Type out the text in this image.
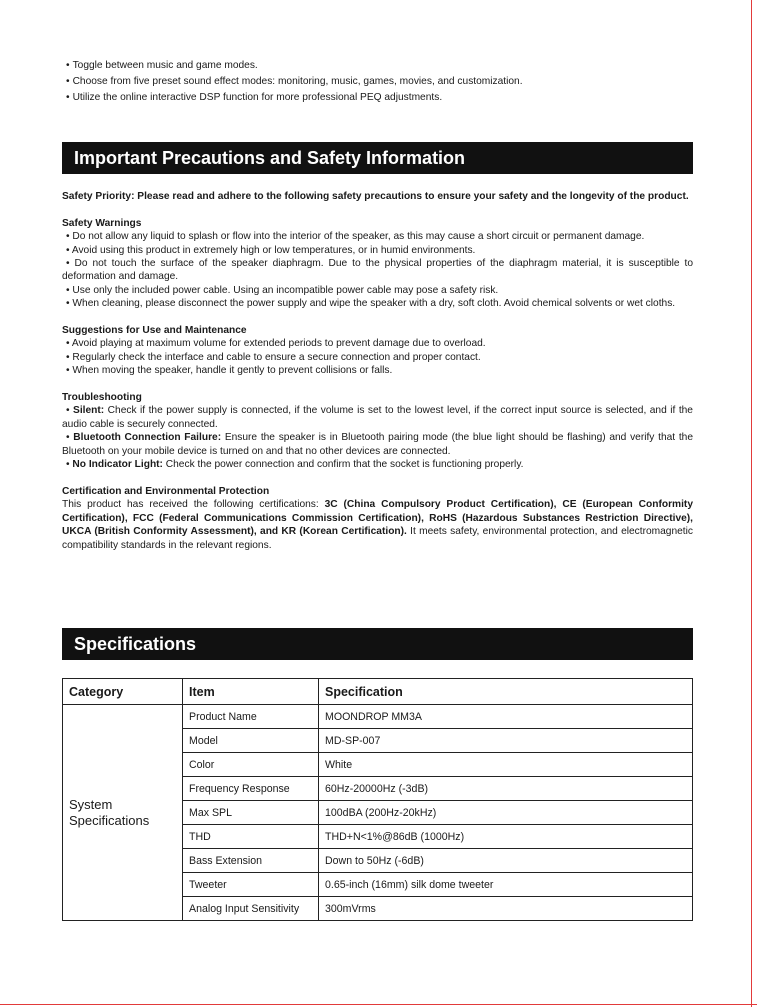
• Toggle between music and game modes.
• Choose from five preset sound effect modes: monitoring, music, games, movies, and customization.
• Utilize the online interactive DSP function for more professional PEQ adjustments.
Important Precautions and Safety Information

Safety Priority: Please read and adhere to the following safety precautions to ensure your safety and the longevity of the product.

Safety Warnings

• Do not allow any liquid to splash or flow into the interior of the speaker, as this may cause a short circuit or permanent damage.

• Avoid using this product in extremely high or low temperatures, or in humid environments.

• Do not touch the surface of the speaker diaphragm. Due to the physical properties of the diaphragm material, it is susceptible to deformation and damage.

• Use only the included power cable. Using an incompatible power cable may pose a safety risk.

• When cleaning, please disconnect the power supply and wipe the speaker with a dry, soft cloth. Avoid chemical solvents or wet cloths.

Suggestions for Use and Maintenance

• Avoid playing at maximum volume for extended periods to prevent damage due to overload.

• Regularly check the interface and cable to ensure a secure connection and proper contact.

• When moving the speaker, handle it gently to prevent collisions or falls.

Troubleshooting

• Silent: Check if the power supply is connected, if the volume is set to the lowest level, if the correct input source is selected, and if the audio cable is securely connected.

• Bluetooth Connection Failure: Ensure the speaker is in Bluetooth pairing mode (the blue light should be flashing) and verify that the Bluetooth on your mobile device is turned on and that no other devices are connected.

• No Indicator Light: Check the power connection and confirm that the socket is functioning properly.

Certification and Environmental Protection

This product has received the following certifications: 3C (China Compulsory Product Certification), CE (European Conformity Certification), FCC (Federal Communications Commission Certification), RoHS (Hazardous Substances Restriction Directive), UKCA (British Conformity Assessment), and KR (Korean Certification). It meets safety, environmental protection, and electromagnetic compatibility standards in the relevant regions.

Specifications
Category	Item	Specification
System
Specifications	Product Name	MOONDROP MM3A
	Model	MD-SP-007
	Color	White
	Frequency Response	60Hz-20000Hz (-3dB)
	Max SPL	100dBA (200Hz-20kHz)
	THD	THD+N<1%@86dB (1000Hz)
	Bass Extension	Down to 50Hz (-6dB)
	Tweeter	0.65-inch (16mm) silk dome tweeter
	Analog Input Sensitivity	300mVrms
